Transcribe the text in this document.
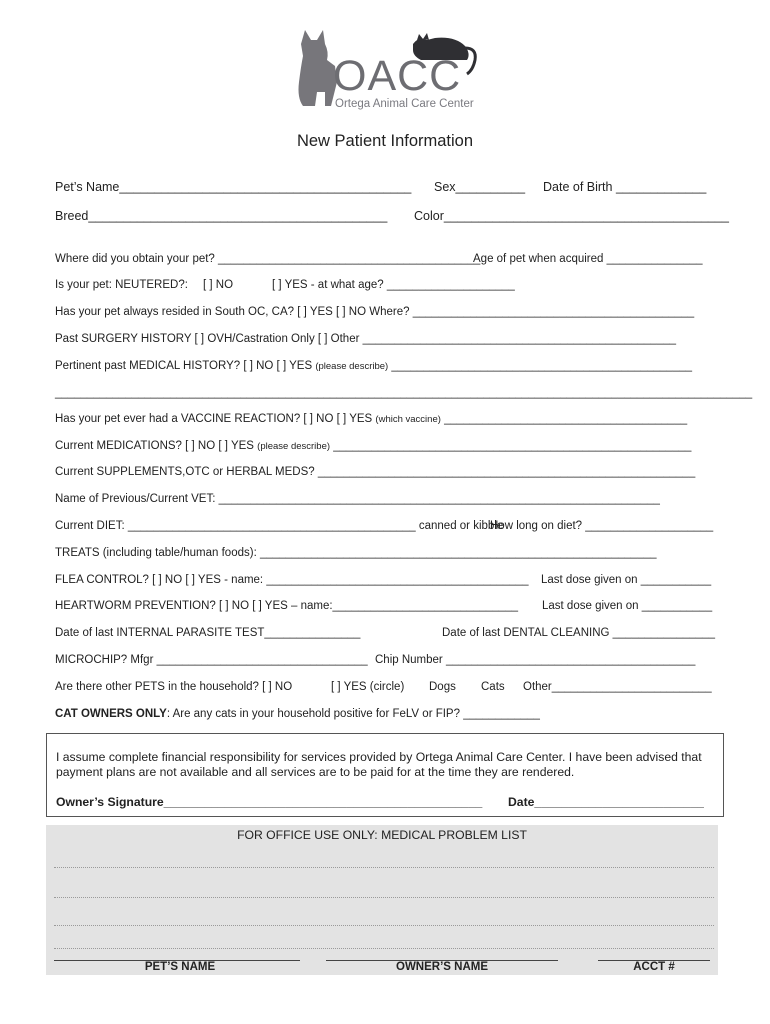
OACC
Ortega Animal Care Center
New Patient Information
Pet’s Name__________________________________________ Sex__________ Date of Birth _____________
Breed___________________________________________ Color_________________________________________
Where did you obtain your pet? _________________________________________
Age of pet when acquired _______________
Is your pet: NEUTERED?: [ ] NO	[ ] YES - at what age? ____________________
Has your pet always resided in South OC, CA? [ ] YES [ ] NO Where? ____________________________________________
Past SURGERY HISTORY [ ] OVH/Castration Only [ ] Other _________________________________________________
Pertinent past MEDICAL HISTORY? [ ] NO [ ] YES (please describe) _______________________________________________
_____________________________________________________________________________________________________________
Has your pet ever had a VACCINE REACTION? [ ] NO [ ] YES (which vaccine) ______________________________________
Current MEDICATIONS? [ ] NO [ ] YES (please describe) ________________________________________________________
Current SUPPLEMENTS,OTC or HERBAL MEDS? ___________________________________________________________
Name of Previous/Current VET: _____________________________________________________________________
Current DIET: _____________________________________________ canned or kibble
How long on diet? ____________________
TREATS (including table/human foods): ______________________________________________________________
FLEA CONTROL? [ ] NO [ ] YES - name: _________________________________________ Last dose given on ___________
HEARTWORM PREVENTION? [ ] NO [ ] YES – name:_____________________________ Last dose given on ___________
Date of last INTERNAL PARASITE TEST_______________	Date of last DENTAL CLEANING ________________
MICROCHIP? Mfgr _________________________________ Chip Number _______________________________________
Are there other PETS in the household? [ ] NO	[ ] YES (circle) Dogs Cats Other_________________________
CAT OWNERS ONLY: Are any cats in your household positive for FeLV or FIP? ____________
I assume complete financial responsibility for services provided by Ortega Animal Care Center. I have been advised that payment plans are not available and all services are to be paid for at the time they are rendered.
Owner’s Signature_______________________________________________ Date_________________________
FOR OFFICE USE ONLY: MEDICAL PROBLEM LIST
PET’S NAME	OWNER’S NAME	ACCT #
